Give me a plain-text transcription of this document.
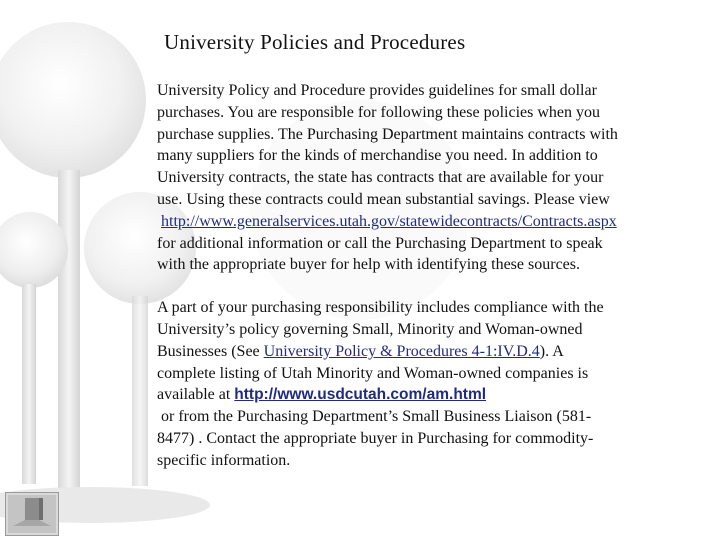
University Policies and Procedures

University Policy and Procedure provides guidelines for small dollar
purchases. You are responsible for following these policies when you
purchase supplies. The Purchasing Department maintains contracts with
many suppliers for the kinds of merchandise you need. In addition to
University contracts, the state has contracts that are available for your
use. Using these contracts could mean substantial savings. Please view
http://www.generalservices.utah.gov/statewidecontracts/Contracts.aspx
for additional information or call the Purchasing Department to speak
with the appropriate buyer for help with identifying these sources.

A part of your purchasing responsibility includes compliance with the
University’s policy governing Small, Minority and Woman-owned
Businesses (See University Policy & Procedures 4-1:IV.D.4). A
complete listing of Utah Minority and Woman-owned companies is
available at http://www.usdcutah.com/am.html
or from the Purchasing Department’s Small Business Liaison (581-
8477) . Contact the appropriate buyer in Purchasing for commodity-
specific information.
